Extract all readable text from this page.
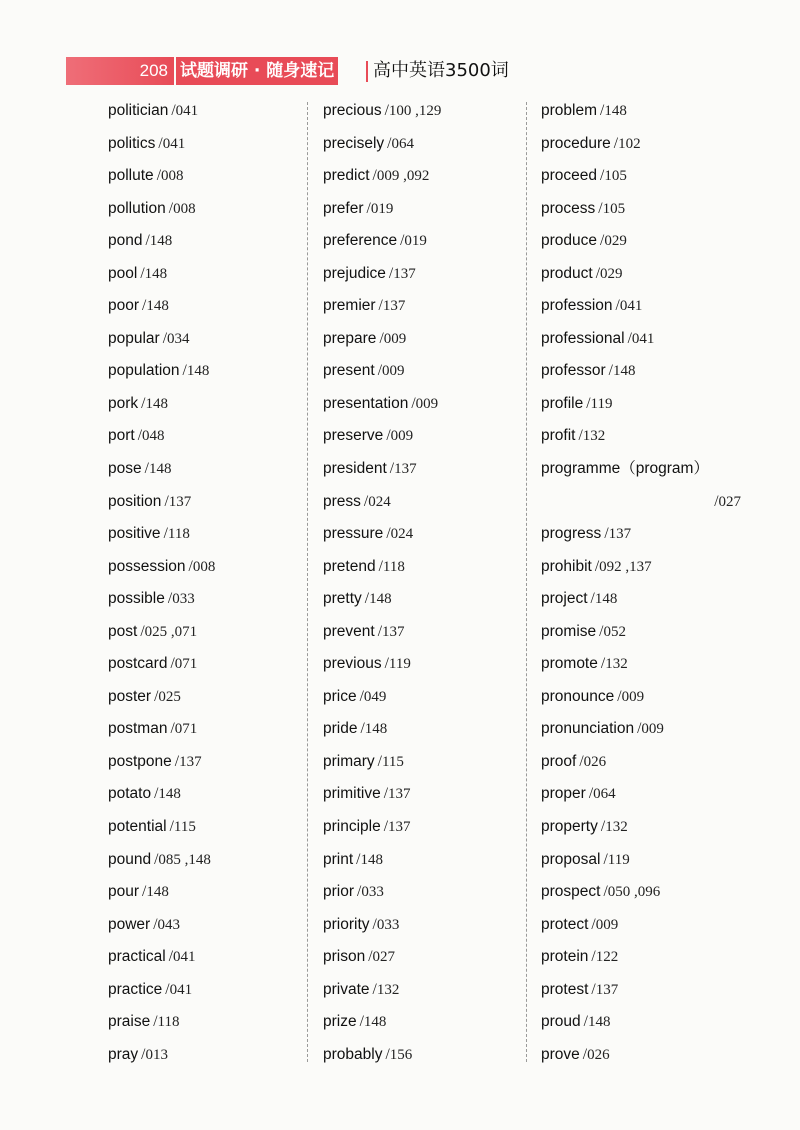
208 试题调研 · 随身速记 高中英语3500词
politician /041
politics /041
pollute /008
pollution /008
pond /148
pool /148
poor /148
popular /034
population /148
pork /148
port /048
pose /148
position /137
positive /118
possession /008
possible /033
post /025 ,071
postcard /071
poster /025
postman /071
postpone /137
potato /148
potential /115
pound /085 ,148
pour /148
power /043
practical /041
practice /041
praise /118
pray /013
precious /100 ,129
precisely /064
predict /009 ,092
prefer /019
preference /019
prejudice /137
premier /137
prepare /009
present /009
presentation /009
preserve /009
president /137
press /024
pressure /024
pretend /118
pretty /148
prevent /137
previous /119
price /049
pride /148
primary /115
primitive /137
principle /137
print /148
prior /033
priority /033
prison /027
private /132
prize /148
probably /156
problem /148
procedure /102
proceed /105
process /105
produce /029
product /029
profession /041
professional /041
professor /148
profile /119
profit /132
programme（program）
/027
progress /137
prohibit /092 ,137
project /148
promise /052
promote /132
pronounce /009
pronunciation /009
proof /026
proper /064
property /132
proposal /119
prospect /050 ,096
protect /009
protein /122
protest /137
proud /148
prove /026
